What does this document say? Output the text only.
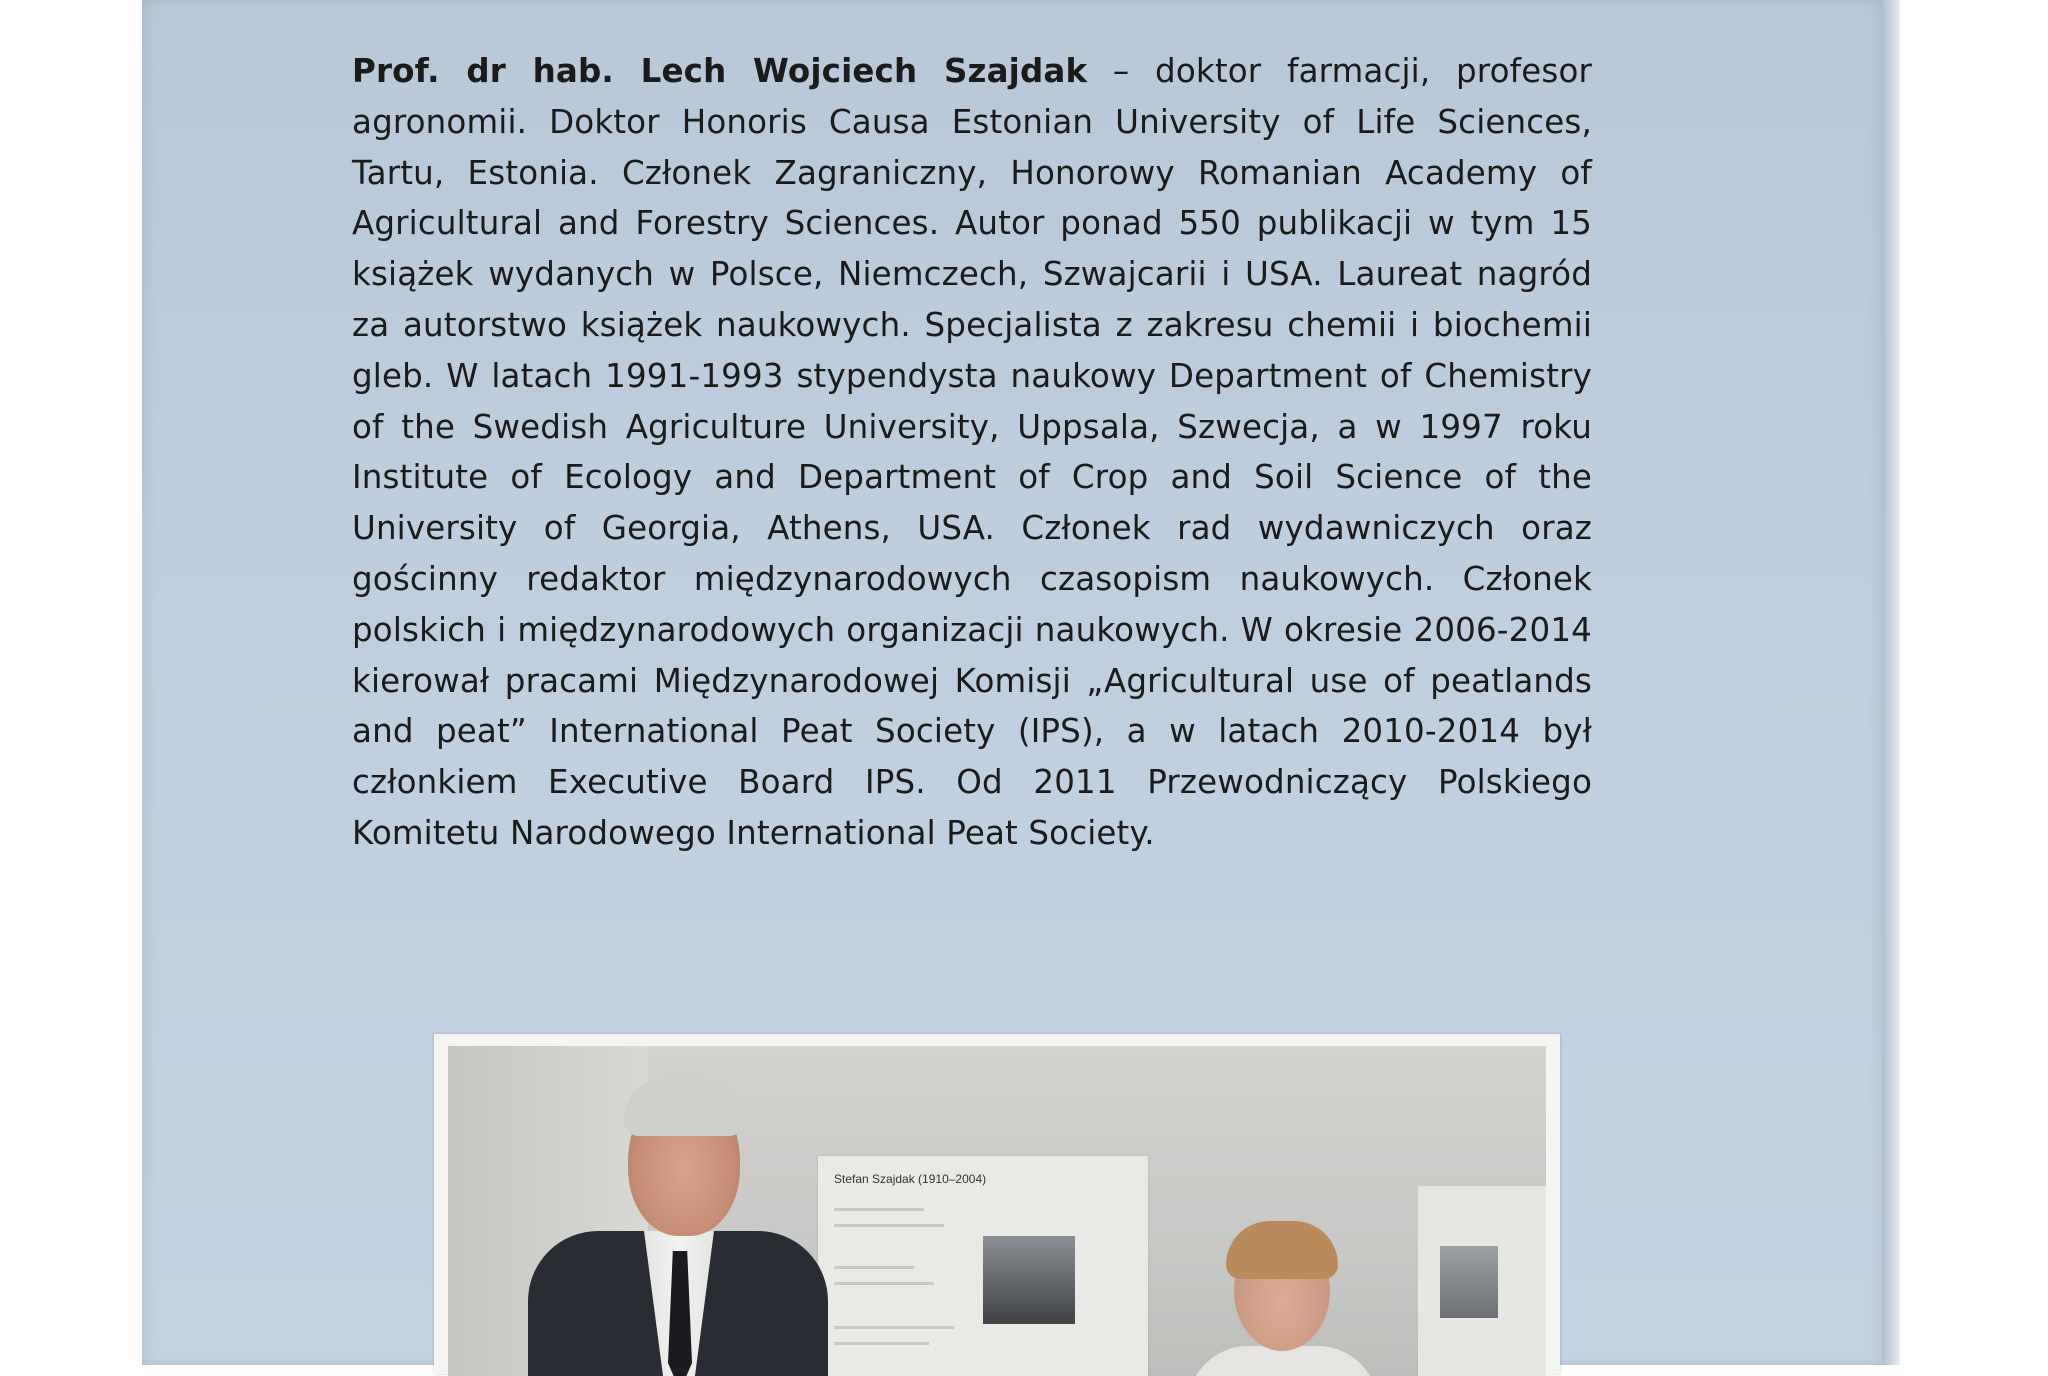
Prof. dr hab. Lech Wojciech Szajdak – doktor farmacji, profesor agronomii. Doktor Honoris Causa Estonian University of Life Sciences, Tartu, Estonia. Członek Zagraniczny, Honorowy Romanian Academy of Agricultural and Forestry Sciences. Autor ponad 550 publikacji w tym 15 książek wydanych w Polsce, Niemczech, Szwajcarii i USA. Laureat nagród za autorstwo książek naukowych. Specjalista z zakresu chemii i biochemii gleb. W latach 1991-1993 stypendysta naukowy Department of Chemistry of the Swedish Agriculture University, Uppsala, Szwecja, a w 1997 roku Institute of Ecology and Department of Crop and Soil Science of the University of Georgia, Athens, USA. Członek rad wydawniczych oraz gościnny redaktor międzynarodowych czasopism naukowych. Członek polskich i międzynarodowych organizacji naukowych. W okresie 2006-2014 kierował pracami Międzynarodowej Komisji „Agricultural use of peatlands and peat” International Peat Society (IPS), a w latach 2010-2014 był członkiem Executive Board IPS. Od 2011 Przewodniczący Polskiego Komitetu Narodowego International Peat Society.
Stefan Szajdak (1910–2004)
